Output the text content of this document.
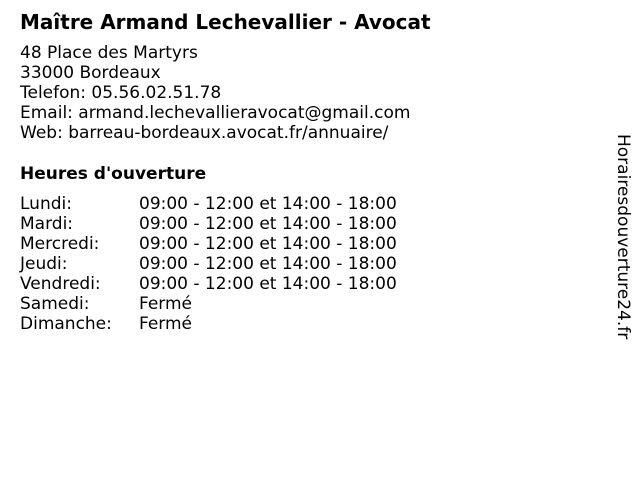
Maître Armand Lechevallier - Avocat
48 Place des Martyrs
33000 Bordeaux
Telefon: 05.56.02.51.78
Email: armand.lechevallieravocat@gmail.com
Web: barreau-bordeaux.avocat.fr/annuaire/
Heures d'ouverture
Lundi:	09:00 - 12:00 et 14:00 - 18:00
Mardi:	09:00 - 12:00 et 14:00 - 18:00
Mercredi: 09:00 - 12:00 et 14:00 - 18:00
Jeudi:	09:00 - 12:00 et 14:00 - 18:00
Vendredi: 09:00 - 12:00 et 14:00 - 18:00
Samedi:	Fermé
Dimanche: Fermé	Horairesdouverture24.fr
